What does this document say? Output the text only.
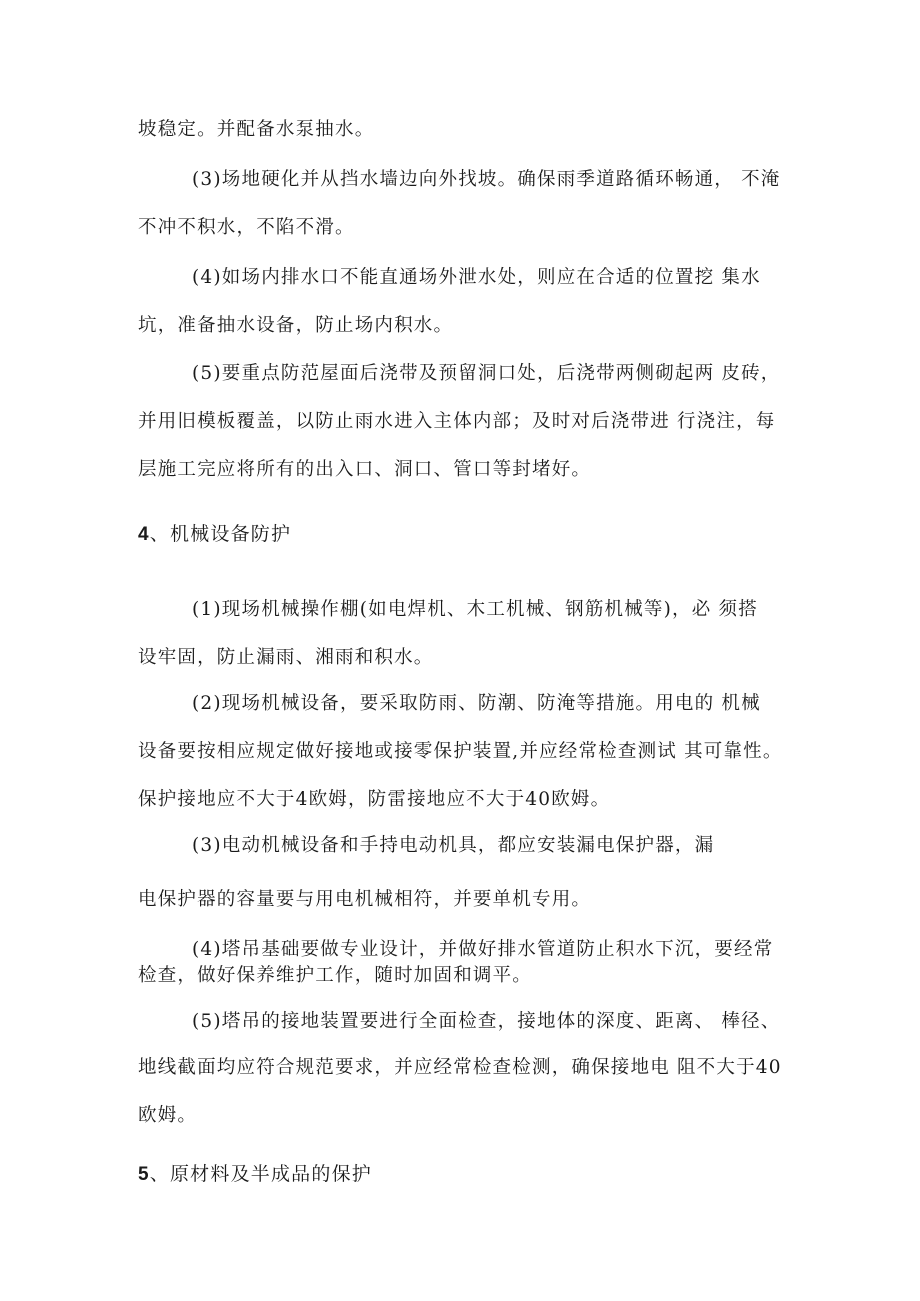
坡稳定。并配备水泵抽水。
(3)场地硬化并从挡水墙边向外找坡。确保雨季道路循环畅通， 不淹
不冲不积水，不陷不滑。
(4)如场内排水口不能直通场外泄水处，则应在合适的位置挖 集水
坑，准备抽水设备，防止场内积水。
(5)要重点防范屋面后浇带及预留洞口处，后浇带两侧砌起两 皮砖，
并用旧模板覆盖，以防止雨水进入主体内部；及时对后浇带进 行浇注，每
层施工完应将所有的出入口、洞口、管口等封堵好。
4、机械设备防护
(1)现场机械操作棚(如电焊机、木工机械、钢筋机械等)，必 须搭
设牢固，防止漏雨、湘雨和积水。
(2)现场机械设备，要采取防雨、防潮、防淹等措施。用电的 机械
设备要按相应规定做好接地或接零保护装置,并应经常检查测试 其可靠性。
保护接地应不大于4欧姆，防雷接地应不大于40欧姆。
(3)电动机械设备和手持电动机具，都应安装漏电保护器，漏
电保护器的容量要与用电机械相符，并要单机专用。
(4)塔吊基础要做专业设计，并做好排水管道防止积水下沉，要经常
检查，做好保养维护工作，随时加固和调平。
(5)塔吊的接地装置要进行全面检查，接地体的深度、距离、 棒径、
地线截面均应符合规范要求，并应经常检查检测，确保接地电 阻不大于40
欧姆。
5、原材料及半成品的保护
